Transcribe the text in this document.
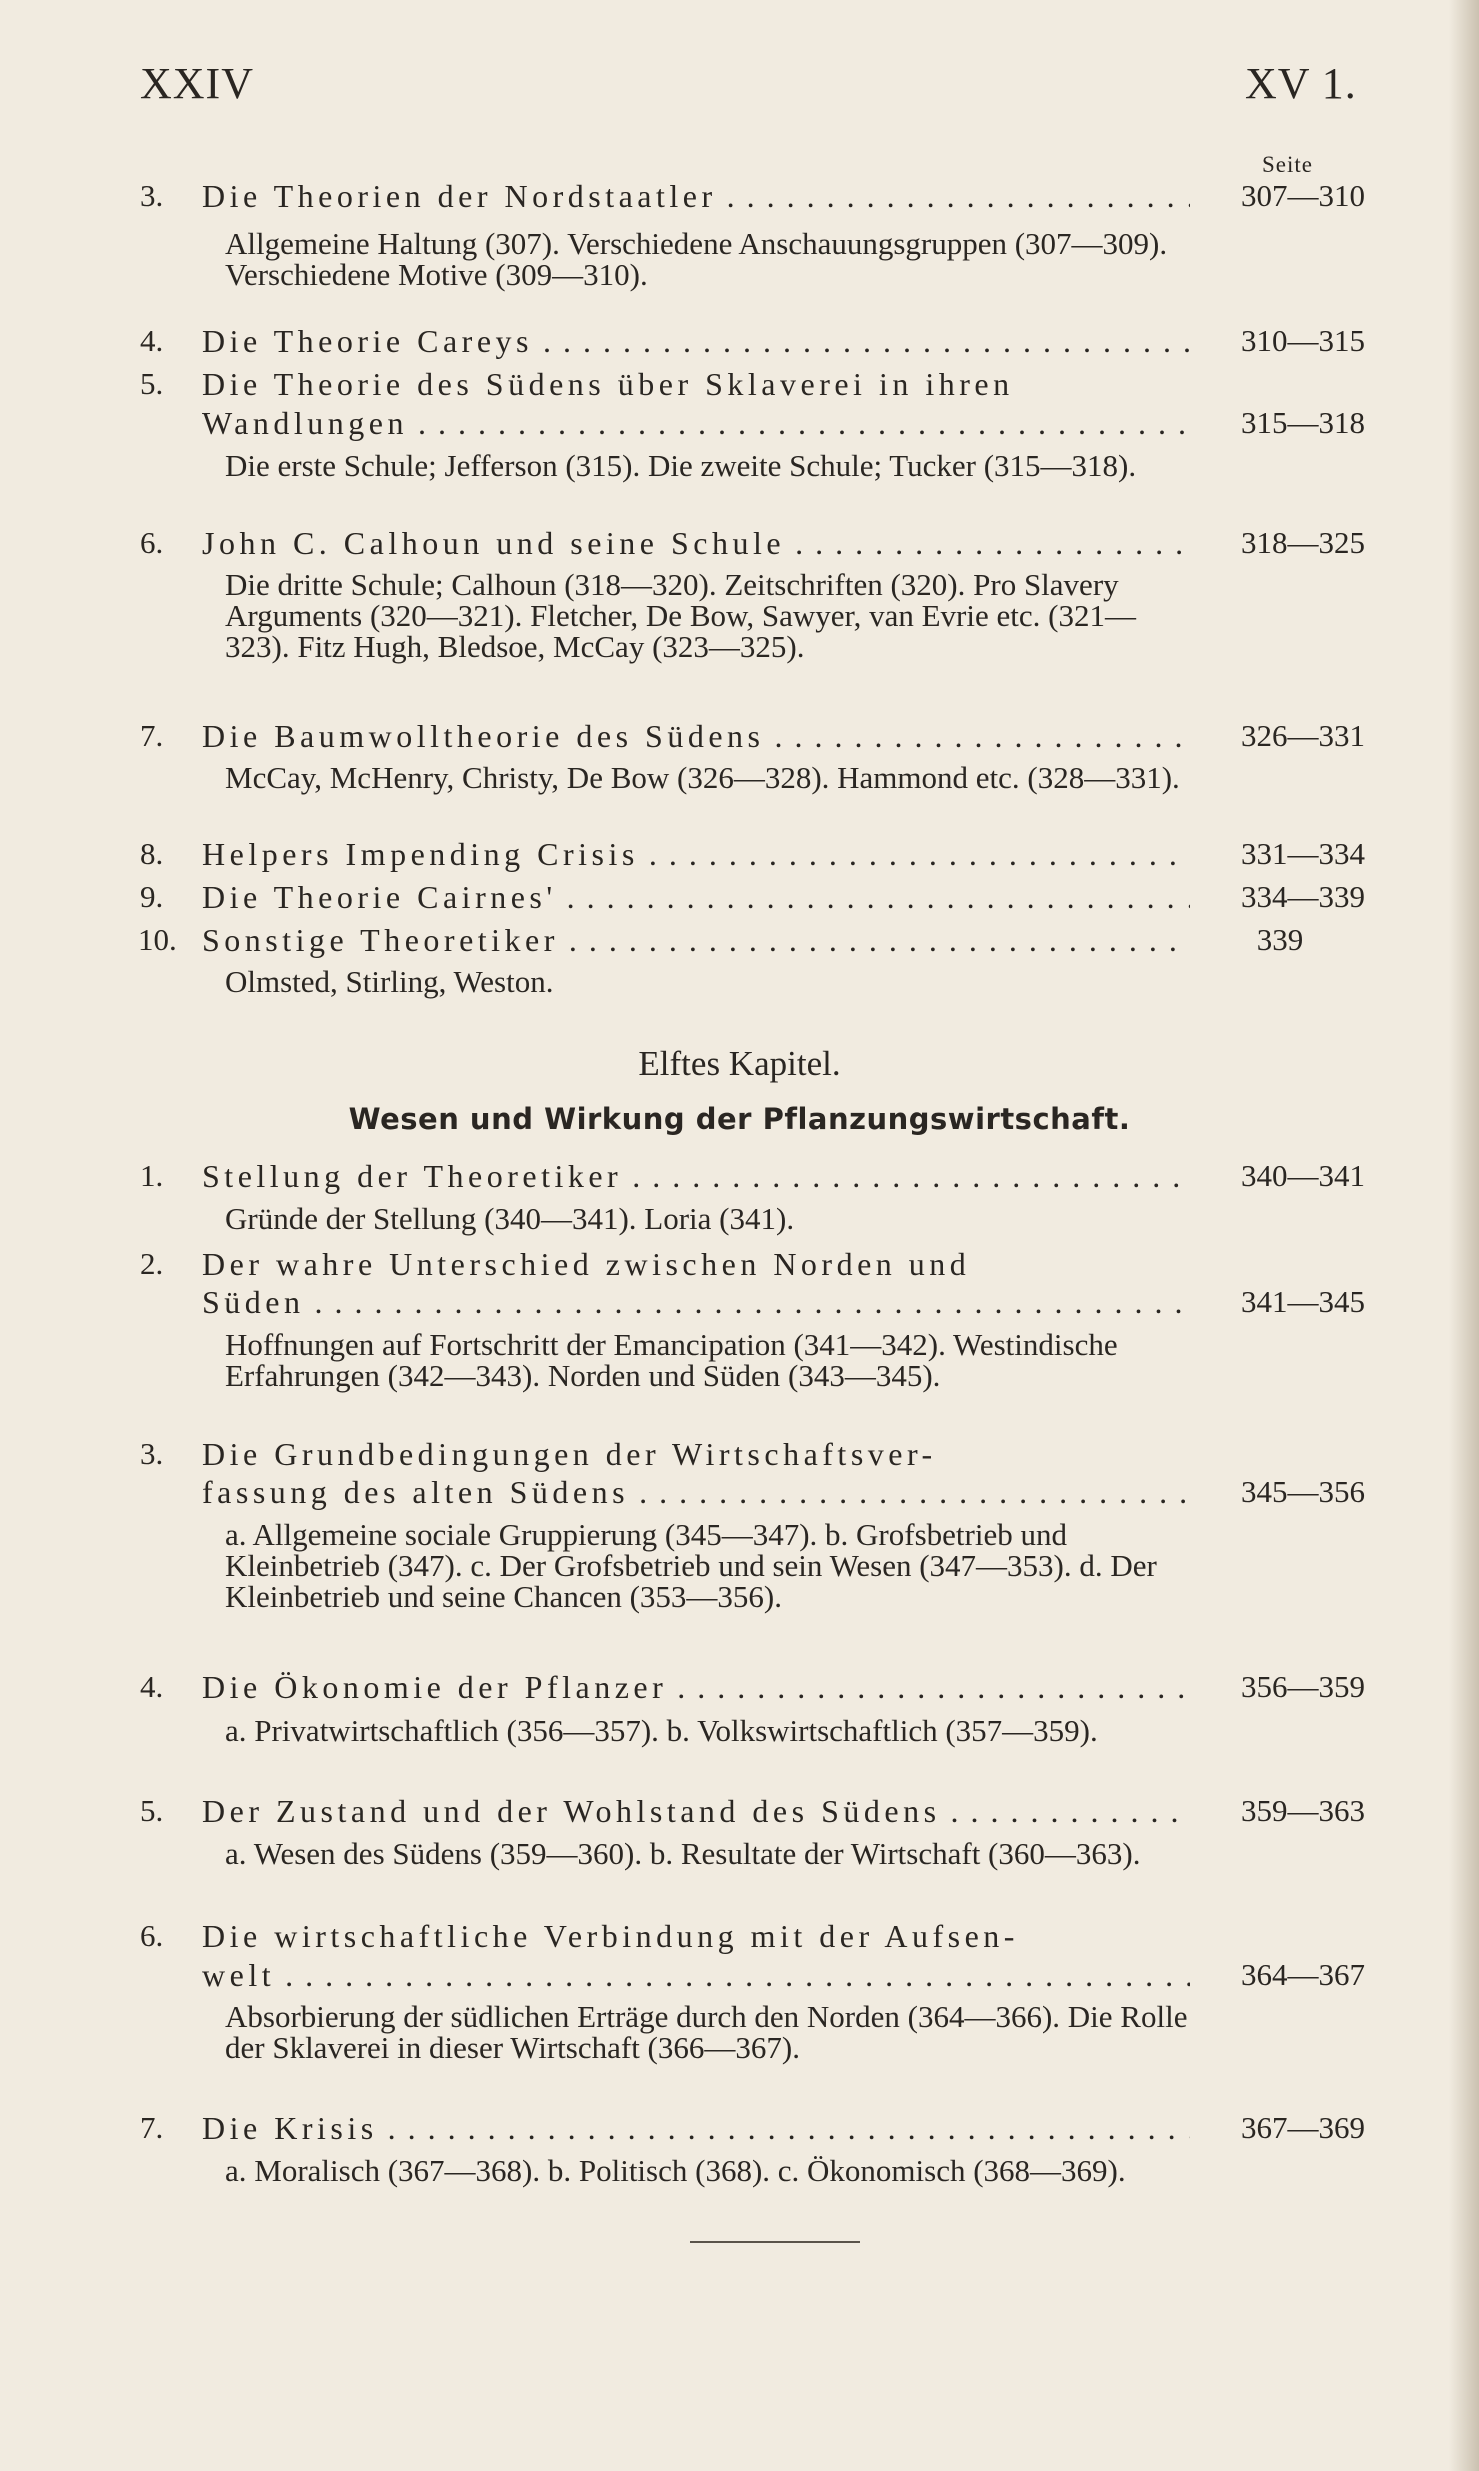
XXIV	XV 1.
Seite
3. Die Theorien der Nordstaatler . . .	307—310
Allgemeine Haltung (307). Verschiedene Anschauungsgruppen (307—309). Verschiedene Motive (309—310).
4. Die Theorie Careys . . .	310—315
5. Die Theorie des Südens über Sklaverei in ihren
Wandlungen . . .	315—318
Die erste Schule; Jefferson (315). Die zweite Schule; Tucker (315—318).
6. John C. Calhoun und seine Schule . . .	318—325
Die dritte Schule; Calhoun (318—320). Zeitschriften (320). Pro Slavery Arguments (320—321). Fletcher, De Bow, Sawyer, van Evrie etc. (321—323). Fitz Hugh, Bledsoe, McCay (323—325).
7. Die Baumwolltheorie des Südens . . .	326—331
McCay, McHenry, Christy, De Bow (326—328). Hammond etc. (328—331).
8. Helpers Impending Crisis . . .	331—334
9. Die Theorie Cairnes' . . .	334—339
10. Sonstige Theoretiker . . .	339
Olmsted, Stirling, Weston.
Elftes Kapitel.
Wesen und Wirkung der Pflanzungswirtschaft.
1. Stellung der Theoretiker . . .	340—341
Gründe der Stellung (340—341). Loria (341).
2. Der wahre Unterschied zwischen Norden und
Süden . . .	341—345
Hoffnungen auf Fortschritt der Emancipation (341—342). Westindische Erfahrungen (342—343). Norden und Süden (343—345).
3. Die Grundbedingungen der Wirtschaftsver-
fassung des alten Südens . . .	345—356
a. Allgemeine sociale Gruppierung (345—347). b. Grofsbetrieb und Kleinbetrieb (347). c. Der Grofsbetrieb und sein Wesen (347—353). d. Der Kleinbetrieb und seine Chancen (353—356).
4. Die Ökonomie der Pflanzer . . .	356—359
a. Privatwirtschaftlich (356—357). b. Volkswirtschaftlich (357—359).
5. Der Zustand und der Wohlstand des Südens . . .	359—363
a. Wesen des Südens (359—360). b. Resultate der Wirtschaft (360—363).
6. Die wirtschaftliche Verbindung mit der Aufsen-
welt . . .	364—367
Absorbierung der südlichen Erträge durch den Norden (364—366). Die Rolle der Sklaverei in dieser Wirtschaft (366—367).
7. Die Krisis . . .	367—369
a. Moralisch (367—368). b. Politisch (368). c. Ökonomisch (368—369).
